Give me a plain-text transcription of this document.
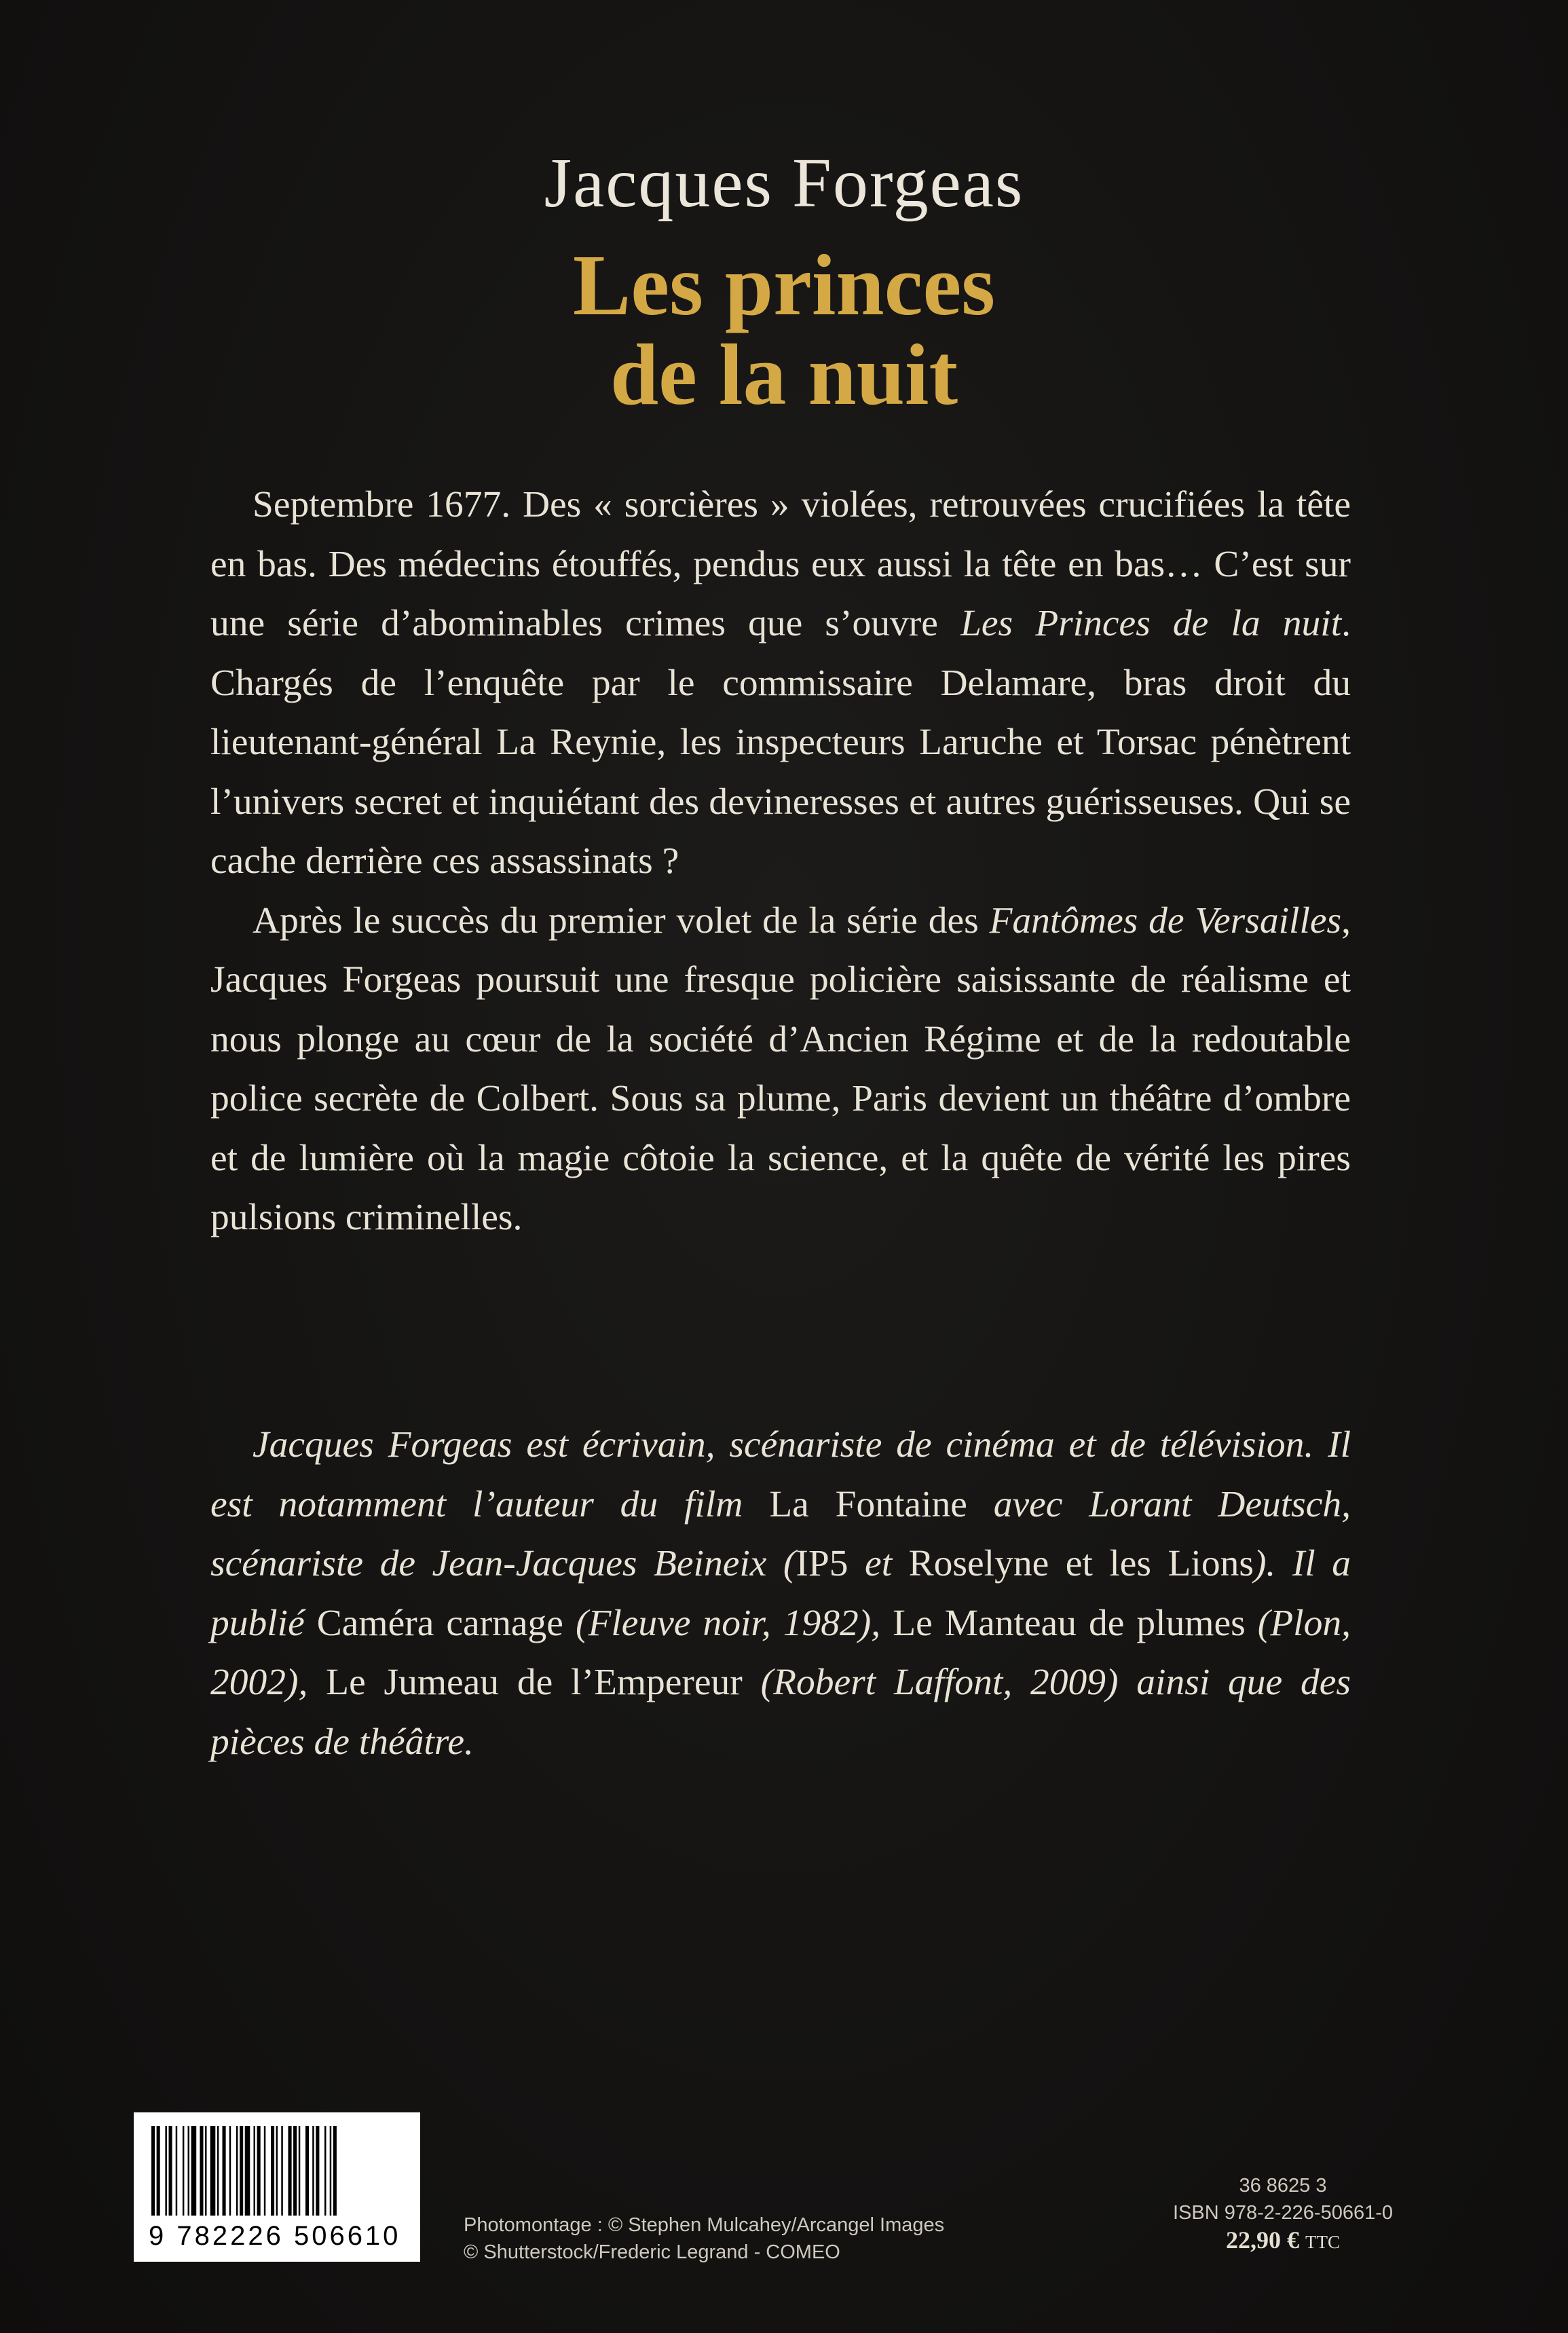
Jacques Forgeas
Les princes
de la nuit

Septembre 1677. Des « sorcières » violées, retrouvées crucifiées la tête en bas. Des médecins étouffés, pendus eux aussi la tête en bas… C’est sur une série d’abominables crimes que s’ouvre Les Princes de la nuit. Chargés de l’enquête par le commissaire Delamare, bras droit du lieutenant-général La Reynie, les inspecteurs Laruche et Torsac pénètrent l’univers secret et inquiétant des devineresses et autres guérisseuses. Qui se cache derrière ces assassinats ?

Après le succès du premier volet de la série des Fantômes de Versailles, Jacques Forgeas poursuit une fresque policière saisissante de réalisme et nous plonge au cœur de la société d’Ancien Régime et de la redoutable police secrète de Colbert. Sous sa plume, Paris devient un théâtre d’ombre et de lumière où la magie côtoie la science, et la quête de vérité les pires pulsions criminelles.

Jacques Forgeas est écrivain, scénariste de cinéma et de télévision. Il est notamment l’auteur du film La Fontaine avec Lorant Deutsch, scénariste de Jean-Jacques Beineix (IP5 et Roselyne et les Lions). Il a publié Caméra carnage (Fleuve noir, 1982), Le Manteau de plumes (Plon, 2002), Le Jumeau de l’Empereur (Robert Laffont, 2009) ainsi que des pièces de théâtre.

9 782226 506610	Photomontage : © Stephen Mulcahey/Arcangel Images
© Shutterstock/Frederic Legrand - COMEO
36 8625 3
ISBN 978-2-226-50661-0
22,90 € TTC
